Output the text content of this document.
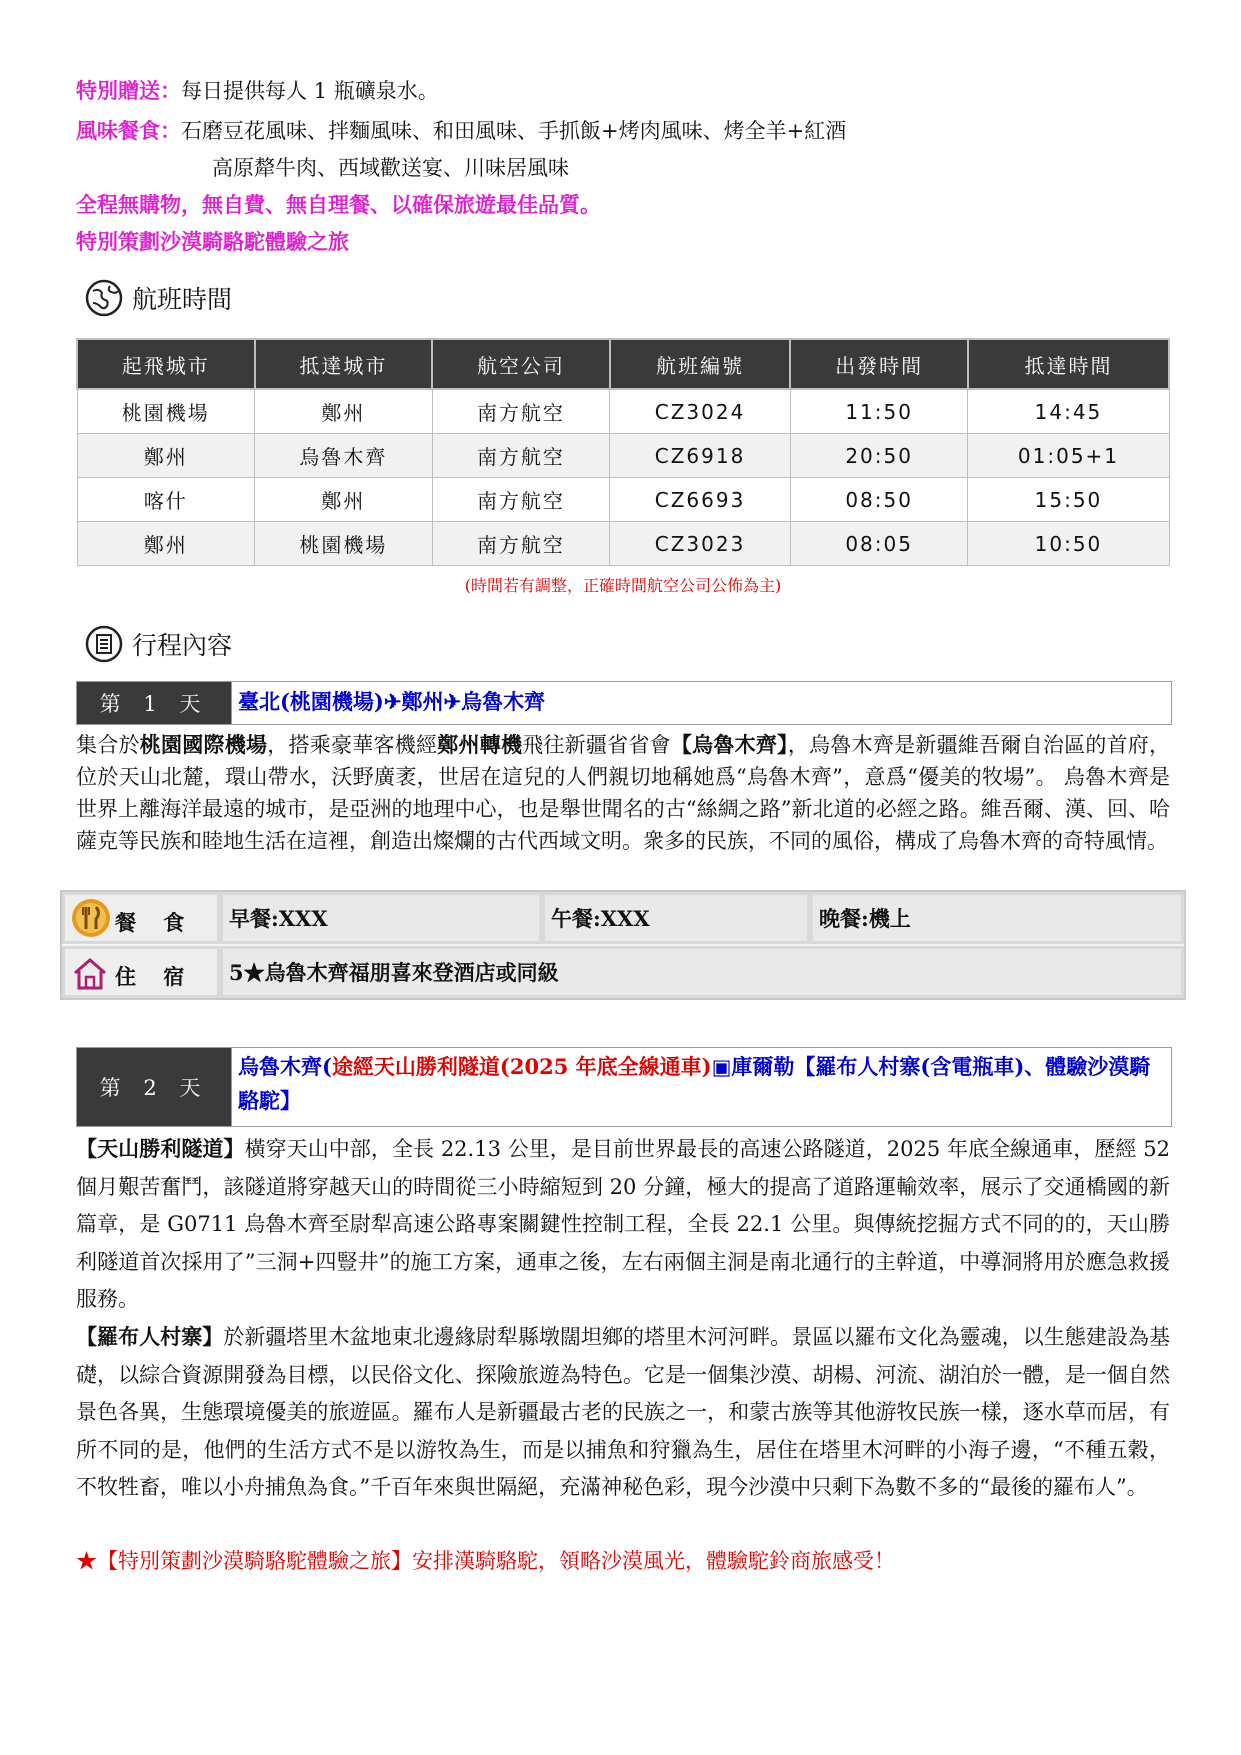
特別贈送：每日提供每人 1 瓶礦泉水。
風味餐食：石磨豆花風味、拌麵風味、和田風味、手抓飯+烤肉風味、烤全羊+紅酒
高原犛牛肉、西域歡送宴、川味居風味
全程無購物，無自費、無自理餐、以確保旅遊最佳品質。
特別策劃沙漠騎駱駝體驗之旅
航班時間
起飛城市	抵達城市	航空公司	航班編號	出發時間	抵達時間
桃園機場	鄭州	南方航空	CZ3024	11:50	14:45
鄭州	烏魯木齊	南方航空	CZ6918	20:50	01:05+1
喀什	鄭州	南方航空	CZ6693	08:50	15:50
鄭州	桃園機場	南方航空	CZ3023	08:05	10:50
(時間若有調整，正確時間航空公司公佈為主)
行程內容
第 1 天	臺北(桃園機場)✈鄭州✈烏魯木齊
集合於桃園國際機場，搭乘豪華客機經鄭州轉機飛往新疆省省會【烏魯木齊】，烏魯木齊是新疆維吾爾自治區的首府，位於天山北麓，環山帶水，沃野廣袤，世居在這兒的人們親切地稱她爲“烏魯木齊”，意爲“優美的牧場”。 烏魯木齊是世界上離海洋最遠的城市，是亞洲的地理中心，也是舉世聞名的古“絲綢之路”新北道的必經之路。維吾爾、漢、回、哈薩克等民族和睦地生活在這裡，創造出燦爛的古代西域文明。衆多的民族，不同的風俗，構成了烏魯木齊的奇特風情。
餐 食 早餐:XXX	午餐:XXX	晚餐:機上
住 宿 5★烏魯木齊福朋喜來登酒店或同級
第 2 天
烏魯木齊(途經天山勝利隧道(2025 年底全線通車)▣庫爾勒【羅布人村寨(含電瓶車)、體驗沙漠騎駱駝】
【天山勝利隧道】橫穿天山中部，全長 22.13 公里，是目前世界最長的高速公路隧道，2025 年底全線通車，歷經 52 個月艱苦奮鬥，該隧道將穿越天山的時間從三小時縮短到 20 分鐘，極大的提高了道路運輸效率，展示了交通橋國的新篇章，是 G0711 烏魯木齊至尉犁高速公路專案關鍵性控制工程，全長 22.1 公里。與傳統挖掘方式不同的的，天山勝利隧道首次採用了”三洞+四豎井”的施工方案，通車之後，左右兩個主洞是南北通行的主幹道，中導洞將用於應急救援服務。
【羅布人村寨】於新疆塔里木盆地東北邊緣尉犁縣墩闊坦鄉的塔里木河河畔。景區以羅布文化為靈魂，以生態建設為基礎，以綜合資源開發為目標，以民俗文化、探險旅遊為特色。它是一個集沙漠、胡楊、河流、湖泊於一體，是一個自然景色各異，生態環境優美的旅遊區。羅布人是新疆最古老的民族之一，和蒙古族等其他游牧民族一樣，逐水草而居，有所不同的是，他們的生活方式不是以游牧為生，而是以捕魚和狩獵為生，居住在塔里木河畔的小海子邊，“不種五穀，不牧牲畜，唯以小舟捕魚為食。”千百年來與世隔絕，充滿神秘色彩，現今沙漠中只剩下為數不多的“最後的羅布人”。
★【特別策劃沙漠騎駱駝體驗之旅】安排漢騎駱駝，領略沙漠風光，體驗駝鈴商旅感受！
